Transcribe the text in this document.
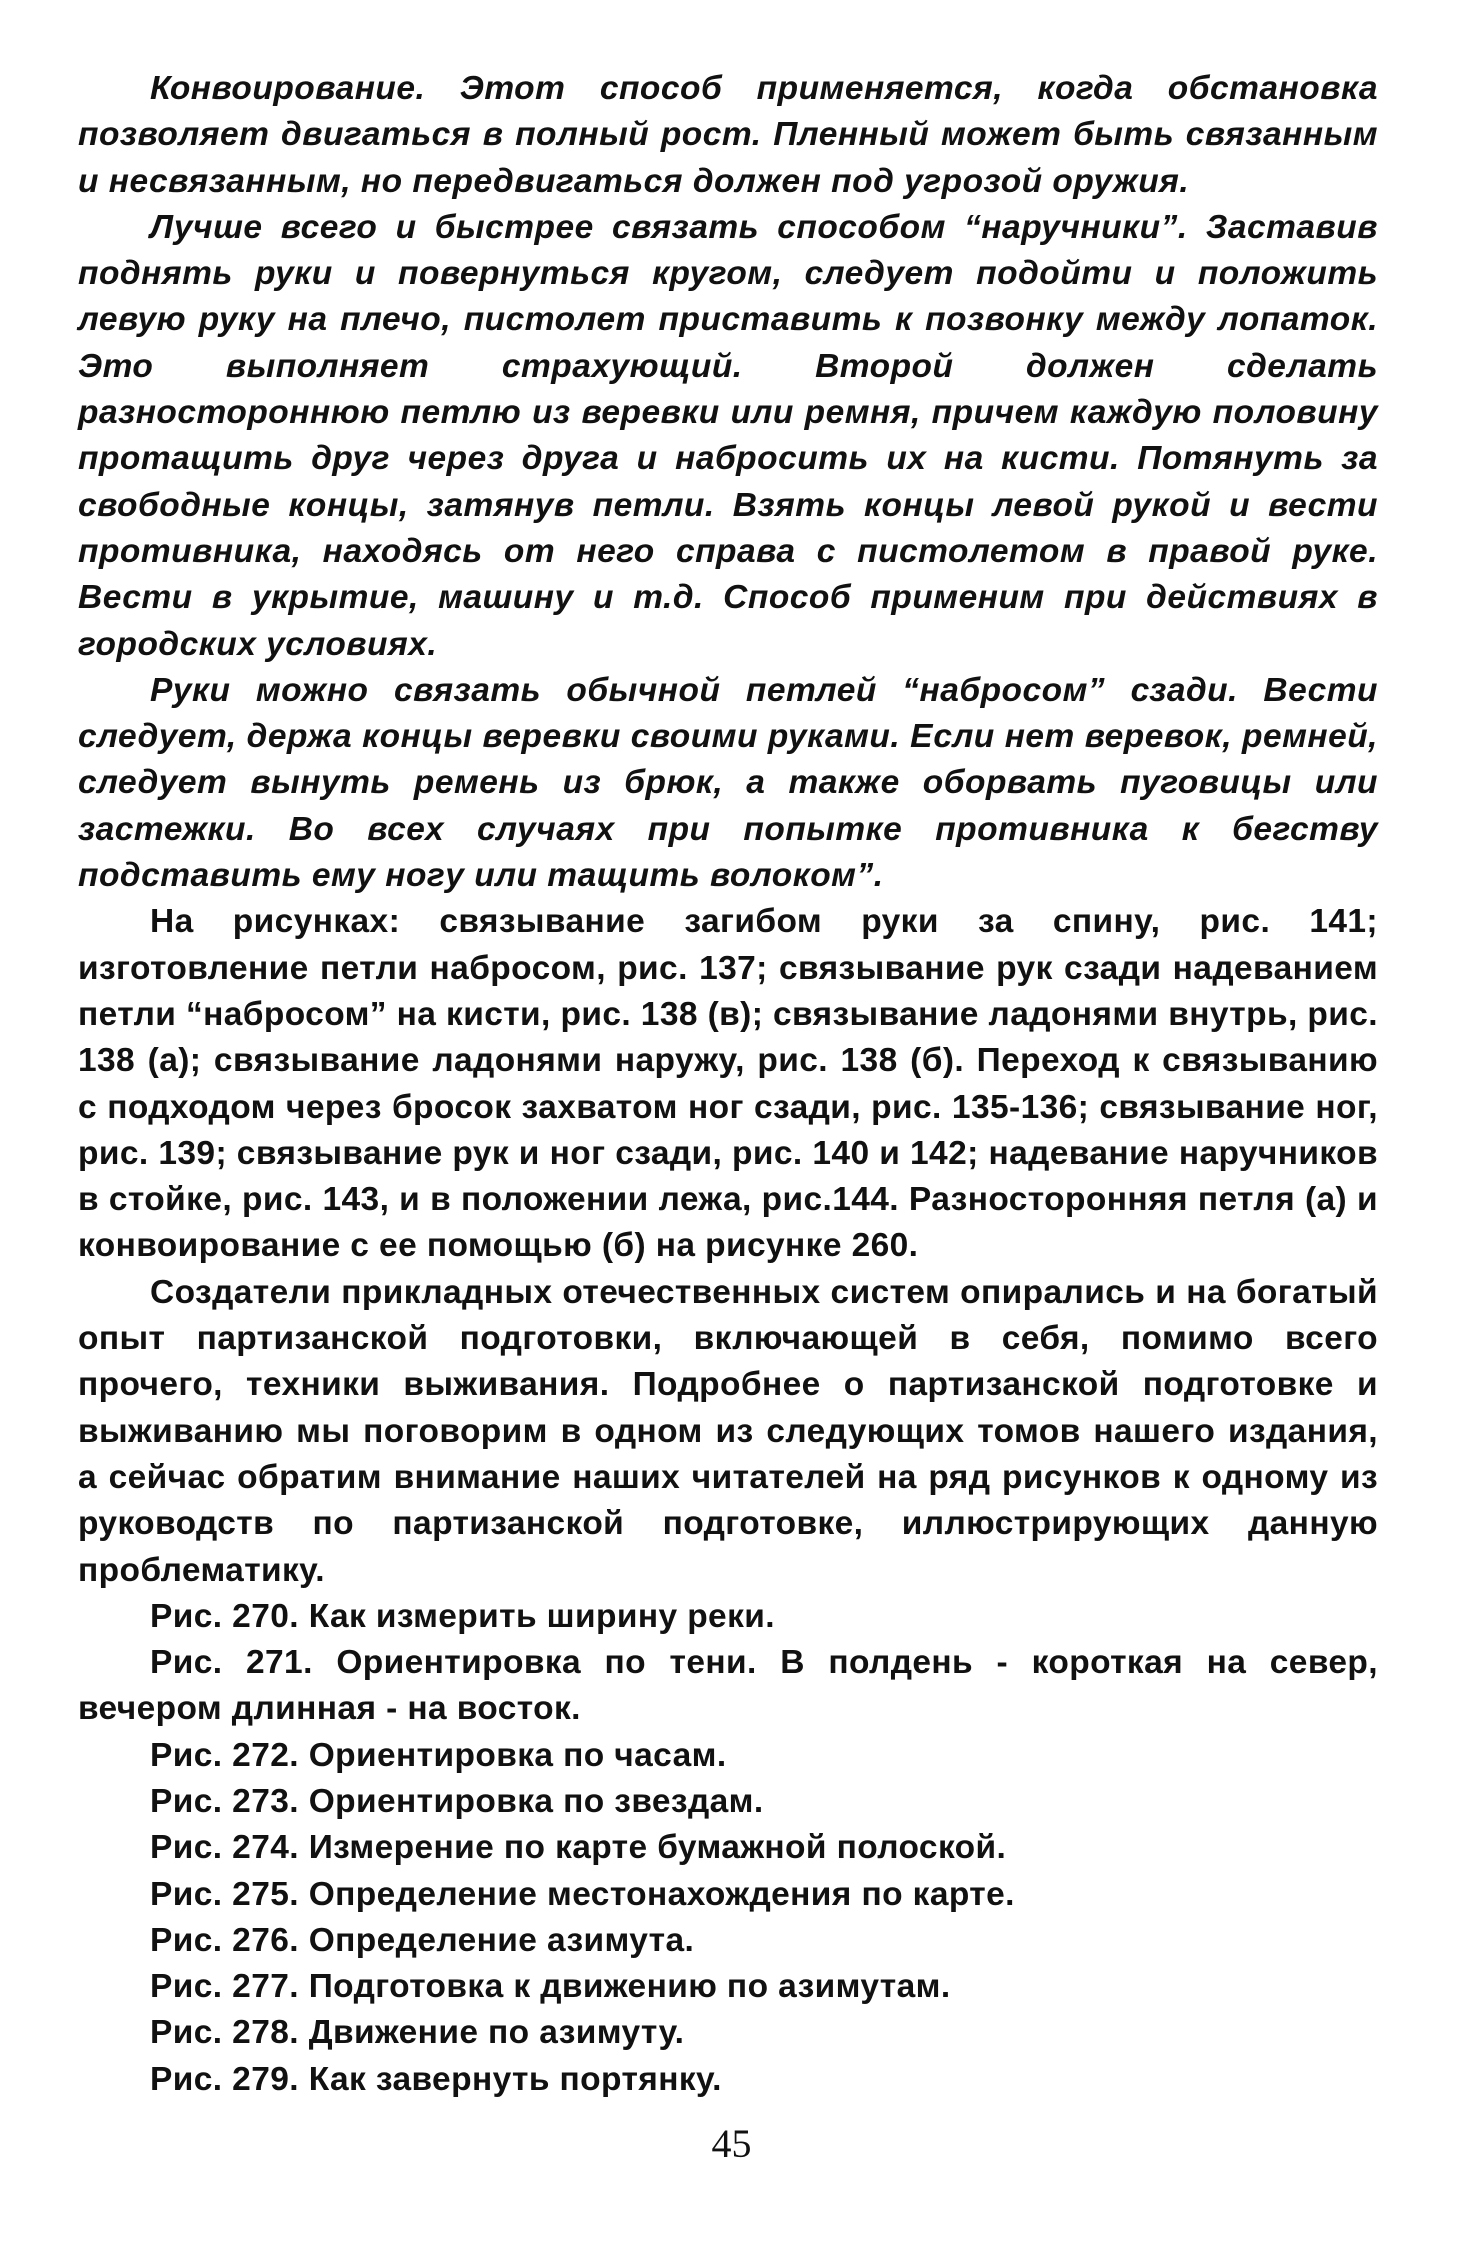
Конвоирование. Этот способ применяется, когда обстановка позволяет двигаться в полный рост. Пленный может быть связанным и несвязанным, но передвигаться должен под угрозой оружия.

Лучше всего и быстрее связать способом “наручники”. Заставив поднять руки и повернуться кругом, следует подойти и положить левую руку на плечо, пистолет приставить к позвонку между лопаток. Это выполняет страхующий. Второй должен сделать разностороннюю петлю из веревки или ремня, причем каждую половину протащить друг через друга и набросить их на кисти. Потянуть за свободные концы, затянув петли. Взять концы левой рукой и вести противника, находясь от него справа с пистолетом в правой руке. Вести в укрытие, машину и т.д. Способ применим при действиях в городских условиях.

Руки можно связать обычной петлей “набросом” сзади. Вести следует, держа концы веревки своими руками. Если нет веревок, ремней, следует вынуть ремень из брюк, а также оборвать пуговицы или застежки. Во всех случаях при попытке противника к бегству подставить ему ногу или тащить волоком”.

На рисунках: связывание загибом руки за спину, рис. 141; изготовление петли набросом, рис. 137; связывание рук сзади надеванием петли “набросом” на кисти, рис. 138 (в); связывание ладонями внутрь, рис. 138 (а); связывание ладонями наружу, рис. 138 (б). Переход к связыванию с подходом через бросок захватом ног сзади, рис. 135-136; связывание ног, рис. 139; связывание рук и ног сзади, рис. 140 и 142; надевание наручников в стойке, рис. 143, и в положении лежа, рис.144. Разносторонняя петля (а) и конвоирование с ее помощью (б) на рисунке 260.

Создатели прикладных отечественных систем опирались и на богатый опыт партизанской подготовки, включающей в себя, помимо всего прочего, техники выживания. Подробнее о партизанской подготовке и выживанию мы поговорим в одном из следующих томов нашего издания, а сейчас обратим внимание наших читателей на ряд рисунков к одному из руководств по партизанской подготовке, иллюстрирующих данную проблематику.

Рис. 270. Как измерить ширину реки.

Рис. 271. Ориентировка по тени. В полдень - короткая на север, вечером длинная - на восток.

Рис. 272. Ориентировка по часам.

Рис. 273. Ориентировка по звездам.

Рис. 274. Измерение по карте бумажной полоской.

Рис. 275. Определение местонахождения по карте.

Рис. 276. Определение азимута.

Рис. 277. Подготовка к движению по азимутам.

Рис. 278. Движение по азимуту.

Рис. 279. Как завернуть портянку.

45
